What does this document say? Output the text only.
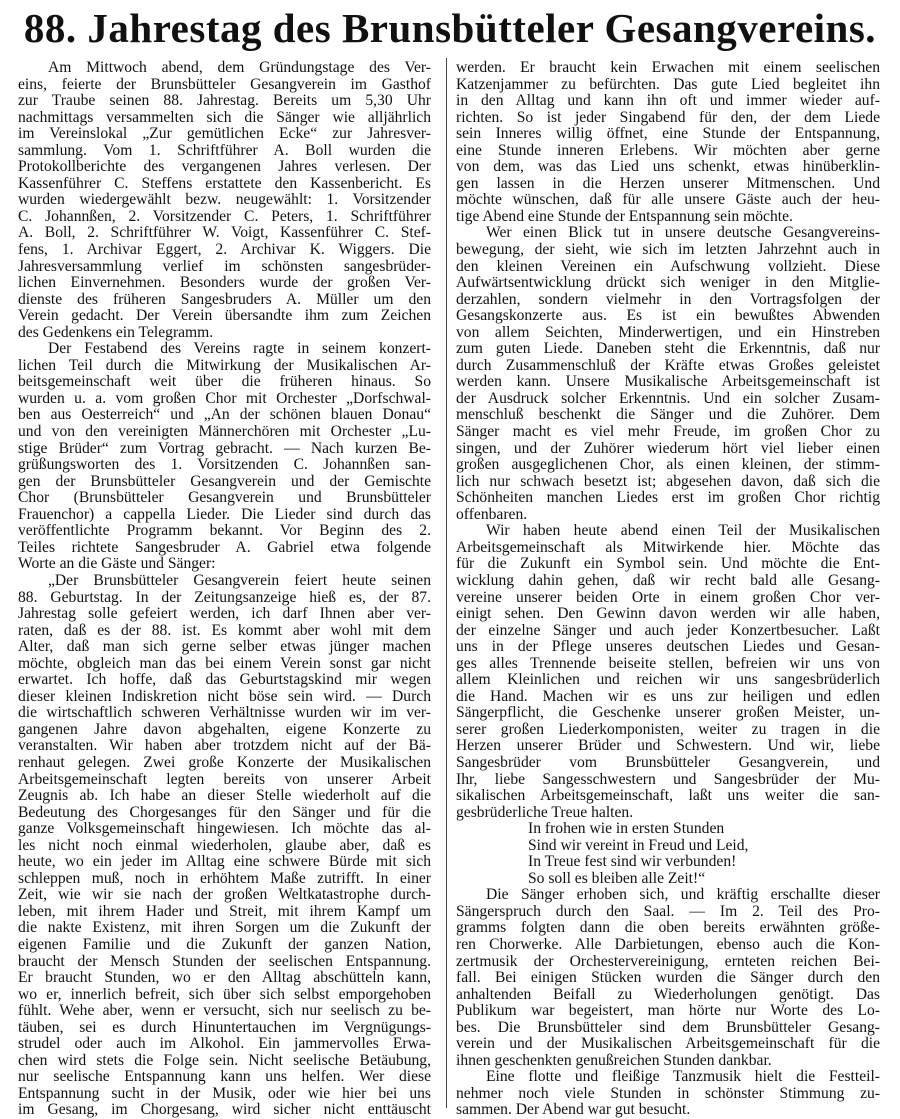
88. Jahrestag des Brunsbütteler Gesangvereins.
Am Mittwoch abend, dem Gründungstage des Ver-
eins, feierte der Brunsbütteler Gesangverein im Gasthof
zur Traube seinen 88. Jahrestag. Bereits um 5,30 Uhr
nachmittags versammelten sich die Sänger wie alljährlich
im Vereinslokal „Zur gemütlichen Ecke“ zur Jahresver-
sammlung. Vom 1. Schriftführer A. Boll wurden die
Protokollberichte des vergangenen Jahres verlesen. Der
Kassenführer C. Steffens erstattete den Kassenbericht. Es
wurden wiedergewählt bezw. neugewählt: 1. Vorsitzender
C. Johannßen, 2. Vorsitzender C. Peters, 1. Schriftführer
A. Boll, 2. Schriftführer W. Voigt, Kassenführer C. Stef-
fens, 1. Archivar Eggert, 2. Archivar K. Wiggers. Die
Jahresversammlung verlief im schönsten sangesbrüder-
lichen Einvernehmen. Besonders wurde der großen Ver-
dienste des früheren Sangesbruders A. Müller um den
Verein gedacht. Der Verein übersandte ihm zum Zeichen
des Gedenkens ein Telegramm.
Der Festabend des Vereins ragte in seinem konzert-
lichen Teil durch die Mitwirkung der Musikalischen Ar-
beitsgemeinschaft weit über die früheren hinaus. So
wurden u. a. vom großen Chor mit Orchester „Dorfschwal-
ben aus Oesterreich“ und „An der schönen blauen Donau“
und von den vereinigten Männerchören mit Orchester „Lu-
stige Brüder“ zum Vortrag gebracht. — Nach kurzen Be-
grüßungsworten des 1. Vorsitzenden C. Johannßen san-
gen der Brunsbütteler Gesangverein und der Gemischte
Chor (Brunsbütteler Gesangverein und Brunsbütteler
Frauenchor) a cappella Lieder. Die Lieder sind durch das
veröffentlichte Programm bekannt. Vor Beginn des 2.
Teiles richtete Sangesbruder A. Gabriel etwa folgende
Worte an die Gäste und Sänger:
„Der Brunsbütteler Gesangverein feiert heute seinen
88. Geburtstag. In der Zeitungsanzeige hieß es, der 87.
Jahrestag solle gefeiert werden, ich darf Ihnen aber ver-
raten, daß es der 88. ist. Es kommt aber wohl mit dem
Alter, daß man sich gerne selber etwas jünger machen
möchte, obgleich man das bei einem Verein sonst gar nicht
erwartet. Ich hoffe, daß das Geburtstagskind mir wegen
dieser kleinen Indiskretion nicht böse sein wird. — Durch
die wirtschaftlich schweren Verhältnisse wurden wir im ver-
gangenen Jahre davon abgehalten, eigene Konzerte zu
veranstalten. Wir haben aber trotzdem nicht auf der Bä-
renhaut gelegen. Zwei große Konzerte der Musikalischen
Arbeitsgemeinschaft legten bereits von unserer Arbeit
Zeugnis ab. Ich habe an dieser Stelle wiederholt auf die
Bedeutung des Chorgesanges für den Sänger und für die
ganze Volksgemeinschaft hingewiesen. Ich möchte das al-
les nicht noch einmal wiederholen, glaube aber, daß es
heute, wo ein jeder im Alltag eine schwere Bürde mit sich
schleppen muß, noch in erhöhtem Maße zutrifft. In einer
Zeit, wie wir sie nach der großen Weltkatastrophe durch-
leben, mit ihrem Hader und Streit, mit ihrem Kampf um
die nakte Existenz, mit ihren Sorgen um die Zukunft der
eigenen Familie und die Zukunft der ganzen Nation,
braucht der Mensch Stunden der seelischen Entspannung.
Er braucht Stunden, wo er den Alltag abschütteln kann,
wo er, innerlich befreit, sich über sich selbst emporgehoben
fühlt. Wehe aber, wenn er versucht, sich nur seelisch zu be-
täuben, sei es durch Hinuntertauchen im Vergnügungs-
strudel oder auch im Alkohol. Ein jammervolles Erwa-
chen wird stets die Folge sein. Nicht seelische Betäubung,
nur seelische Entspannung kann uns helfen. Wer diese
Entspannung sucht in der Musik, oder wie hier bei uns
im Gesang, im Chorgesang, wird sicher nicht enttäuscht
werden. Er braucht kein Erwachen mit einem seelischen
Katzenjammer zu befürchten. Das gute Lied begleitet ihn
in den Alltag und kann ihn oft und immer wieder auf-
richten. So ist jeder Singabend für den, der dem Liede
sein Inneres willig öffnet, eine Stunde der Entspannung,
eine Stunde inneren Erlebens. Wir möchten aber gerne
von dem, was das Lied uns schenkt, etwas hinüberklin-
gen lassen in die Herzen unserer Mitmenschen. Und
möchte wünschen, daß für alle unsere Gäste auch der heu-
tige Abend eine Stunde der Entspannung sein möchte.
Wer einen Blick tut in unsere deutsche Gesangvereins-
bewegung, der sieht, wie sich im letzten Jahrzehnt auch in
den kleinen Vereinen ein Aufschwung vollzieht. Diese
Aufwärtsentwicklung drückt sich weniger in den Mitglie-
derzahlen, sondern vielmehr in den Vortragsfolgen der
Gesangskonzerte aus. Es ist ein bewußtes Abwenden
von allem Seichten, Minderwertigen, und ein Hinstreben
zum guten Liede. Daneben steht die Erkenntnis, daß nur
durch Zusammenschluß der Kräfte etwas Großes geleistet
werden kann. Unsere Musikalische Arbeitsgemeinschaft ist
der Ausdruck solcher Erkenntnis. Und ein solcher Zusam-
menschluß beschenkt die Sänger und die Zuhörer. Dem
Sänger macht es viel mehr Freude, im großen Chor zu
singen, und der Zuhörer wiederum hört viel lieber einen
großen ausgeglichenen Chor, als einen kleinen, der stimm-
lich nur schwach besetzt ist; abgesehen davon, daß sich die
Schönheiten manchen Liedes erst im großen Chor richtig
offenbaren.
Wir haben heute abend einen Teil der Musikalischen
Arbeitsgemeinschaft als Mitwirkende hier. Möchte das
für die Zukunft ein Symbol sein. Und möchte die Ent-
wicklung dahin gehen, daß wir recht bald alle Gesang-
vereine unserer beiden Orte in einem großen Chor ver-
einigt sehen. Den Gewinn davon werden wir alle haben,
der einzelne Sänger und auch jeder Konzertbesucher. Laßt
uns in der Pflege unseres deutschen Liedes und Gesan-
ges alles Trennende beiseite stellen, befreien wir uns von
allem Kleinlichen und reichen wir uns sangesbrüderlich
die Hand. Machen wir es uns zur heiligen und edlen
Sängerpflicht, die Geschenke unserer großen Meister, un-
serer großen Liederkomponisten, weiter zu tragen in die
Herzen unserer Brüder und Schwestern. Und wir, liebe
Sangesbrüder vom Brunsbütteler Gesangverein, und
Ihr, liebe Sangesschwestern und Sangesbrüder der Mu-
sikalischen Arbeitsgemeinschaft, laßt uns weiter die san-
gesbrüderliche Treue halten.
In frohen wie in ersten Stunden
Sind wir vereint in Freud und Leid,
In Treue fest sind wir verbunden!
So soll es bleiben alle Zeit!“
Die Sänger erhoben sich, und kräftig erschallte dieser
Sängerspruch durch den Saal. — Im 2. Teil des Pro-
gramms folgten dann die oben bereits erwähnten größe-
ren Chorwerke. Alle Darbietungen, ebenso auch die Kon-
zertmusik der Orchestervereinigung, ernteten reichen Bei-
fall. Bei einigen Stücken wurden die Sänger durch den
anhaltenden Beifall zu Wiederholungen genötigt. Das
Publikum war begeistert, man hörte nur Worte des Lo-
bes. Die Brunsbütteler sind dem Brunsbütteler Gesang-
verein und der Musikalischen Arbeitsgemeinschaft für die
ihnen geschenkten genußreichen Stunden dankbar.
Eine flotte und fleißige Tanzmusik hielt die Festteil-
nehmer noch viele Stunden in schönster Stimmung zu-
sammen. Der Abend war gut besucht.
